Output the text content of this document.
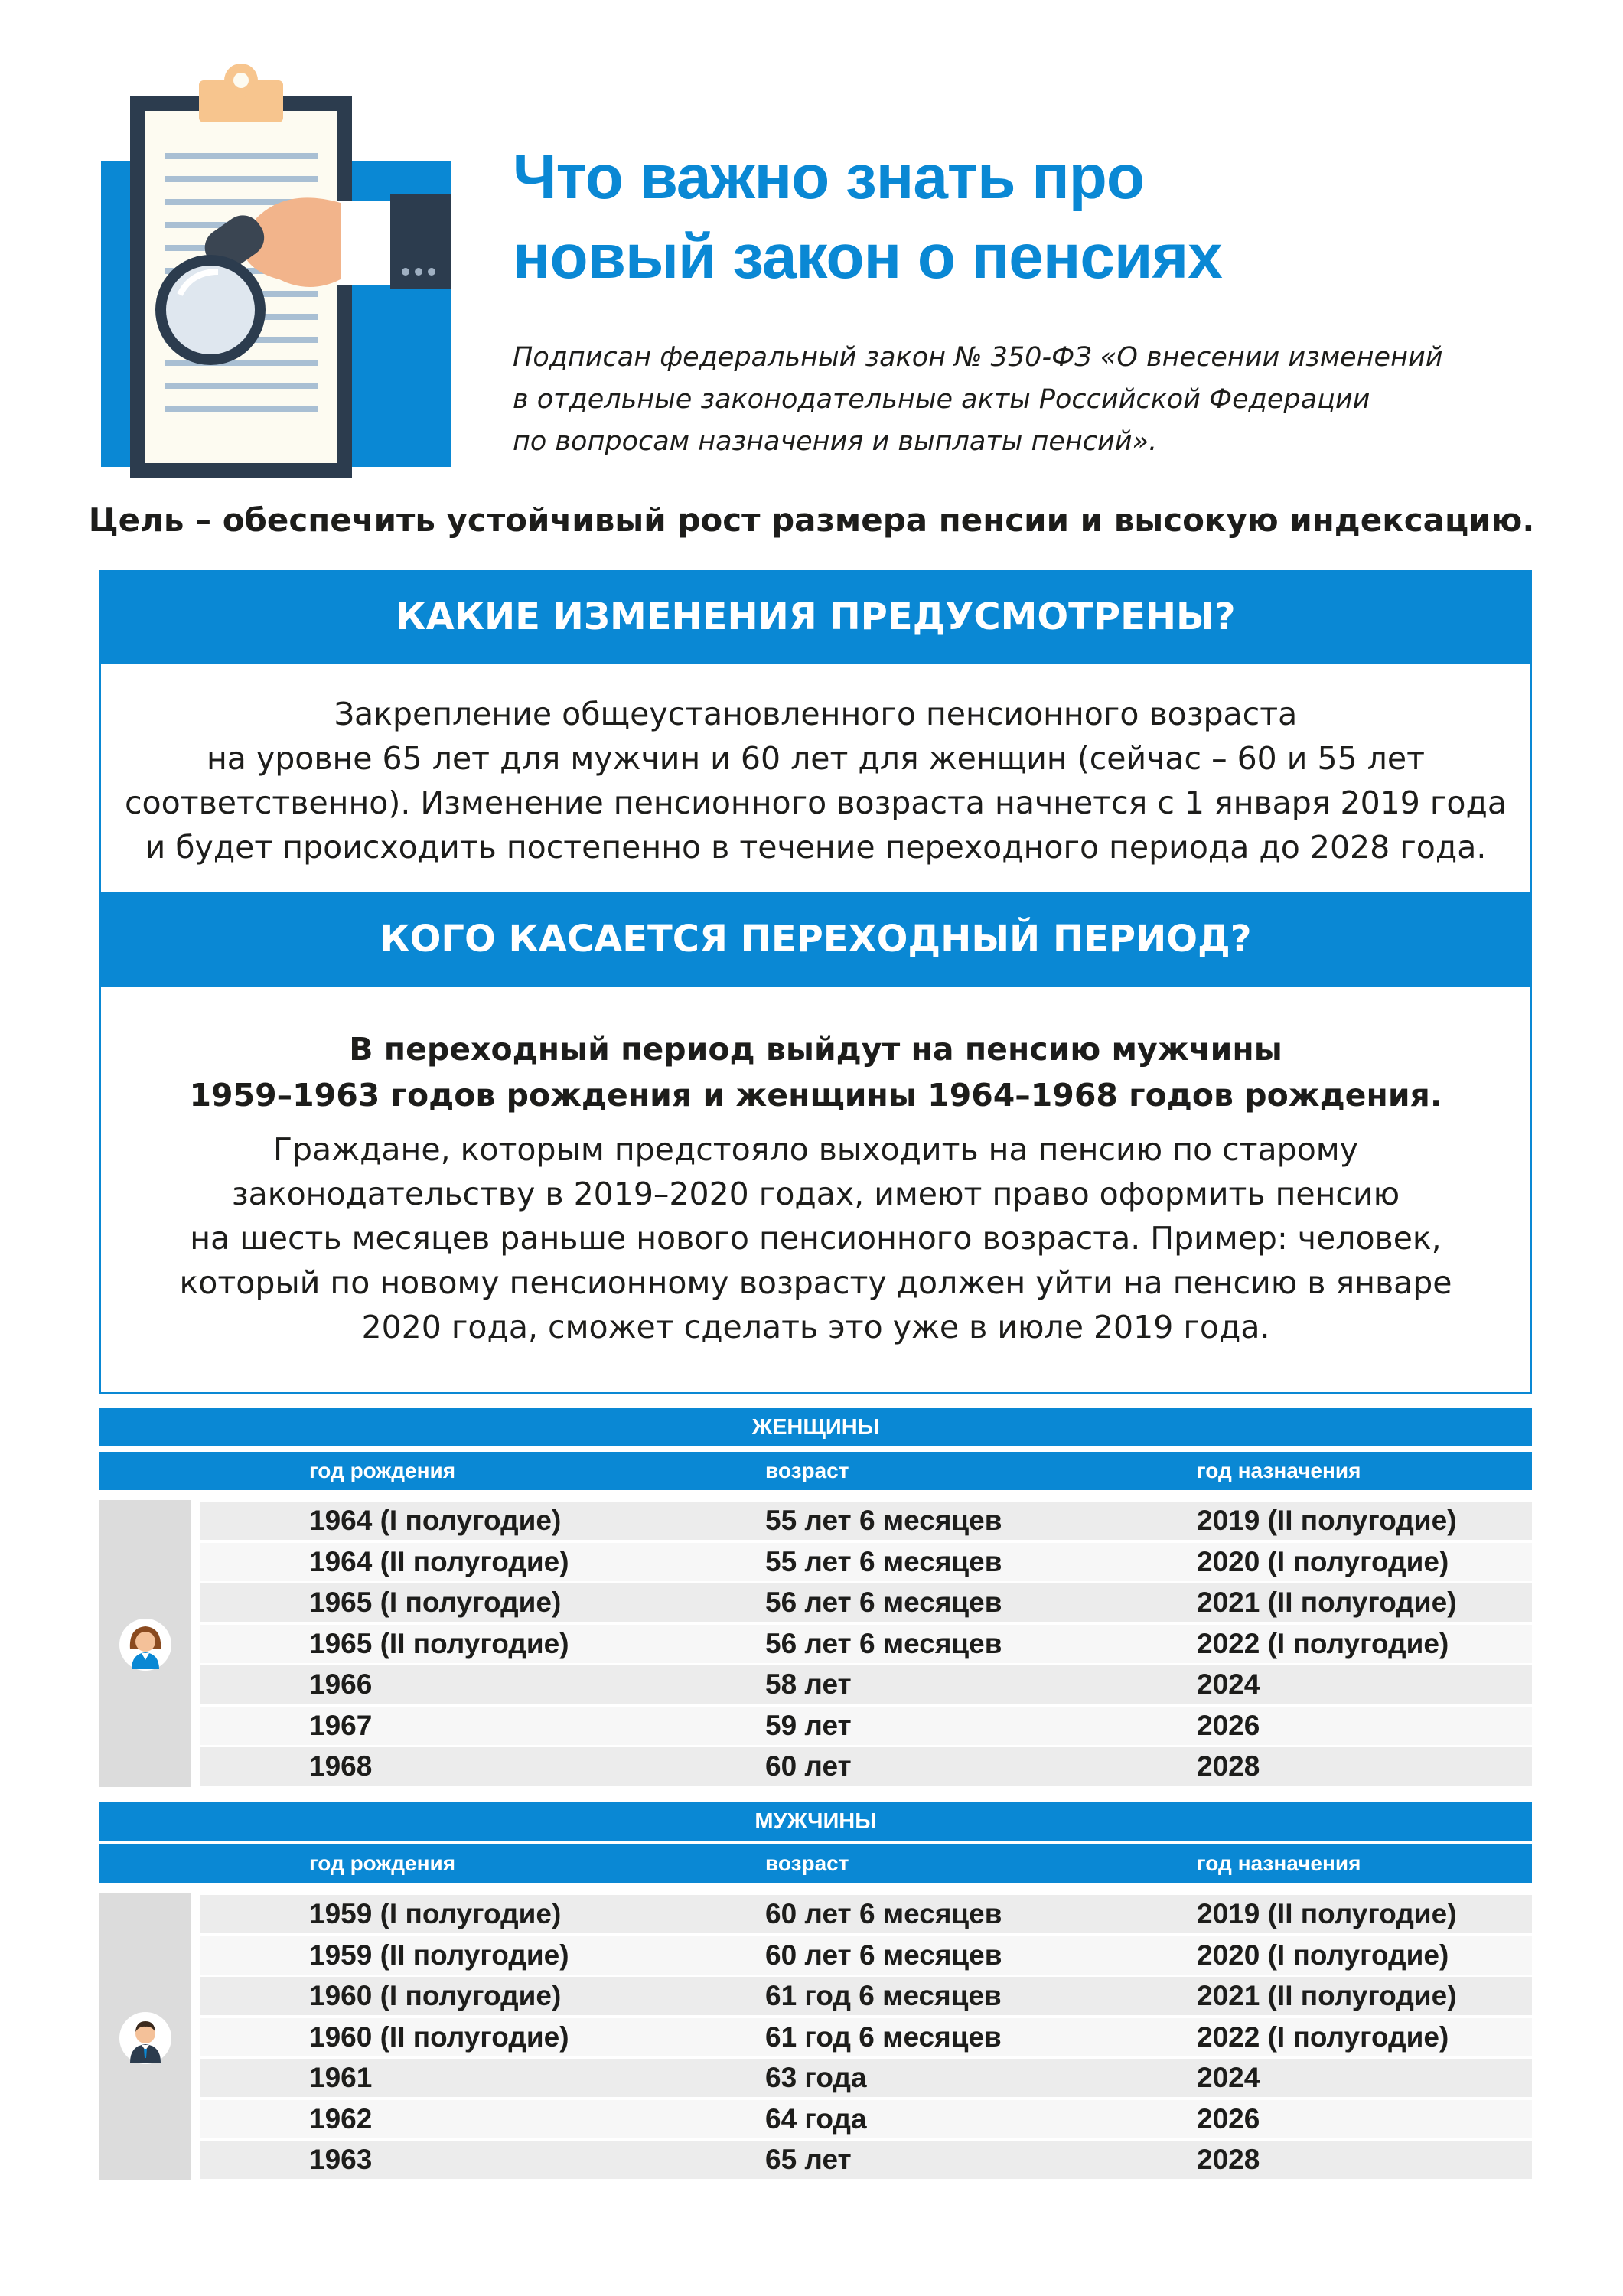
Что важно знать про
новый закон о пенсиях
Подписан федеральный закон № 350-ФЗ «О внесении изменений
в отдельные законодательные акты Российской Федерации
по вопросам назначения и выплаты пенсий».
Цель – обеспечить устойчивый рост размера пенсии и высокую индексацию.
КАКИЕ ИЗМЕНЕНИЯ ПРЕДУСМОТРЕНЫ?
Закрепление общеустановленного пенсионного возраста
на уровне 65 лет для мужчин и 60 лет для женщин (сейчас – 60 и 55 лет
соответственно). Изменение пенсионного возраста начнется с 1 января 2019 года
и будет происходить постепенно в течение переходного периода до 2028 года.
КОГО КАСАЕТСЯ ПЕРЕХОДНЫЙ ПЕРИОД?
В переходный период выйдут на пенсию мужчины
1959–1963 годов рождения и женщины 1964–1968 годов рождения.
Граждане, которым предстояло выходить на пенсию по старому
законодательству в 2019–2020 годах, имеют право оформить пенсию
на шесть месяцев раньше нового пенсионного возраста. Пример: человек,
который по новому пенсионному возрасту должен уйти на пенсию в январе
2020 года, сможет сделать это уже в июле 2019 года.
ЖЕНЩИНЫ
год рождения	возраст	год назначения
1964 (I полугодие)	55 лет 6 месяцев	2019 (II полугодие)
1964 (II полугодие)	55 лет 6 месяцев	2020 (I полугодие)
1965 (I полугодие)	56 лет 6 месяцев	2021 (II полугодие)
1965 (II полугодие)	56 лет 6 месяцев	2022 (I полугодие)
1966	58 лет	2024
1967	59 лет	2026
1968	60 лет	2028
МУЖЧИНЫ
год рождения	возраст	год назначения
1959 (I полугодие)	60 лет 6 месяцев	2019 (II полугодие)
1959 (II полугодие)	60 лет 6 месяцев	2020 (I полугодие)
1960 (I полугодие)	61 год 6 месяцев	2021 (II полугодие)
1960 (II полугодие)	61 год 6 месяцев	2022 (I полугодие)
1961	63 года	2024
1962	64 года	2026
1963	65 лет	2028
